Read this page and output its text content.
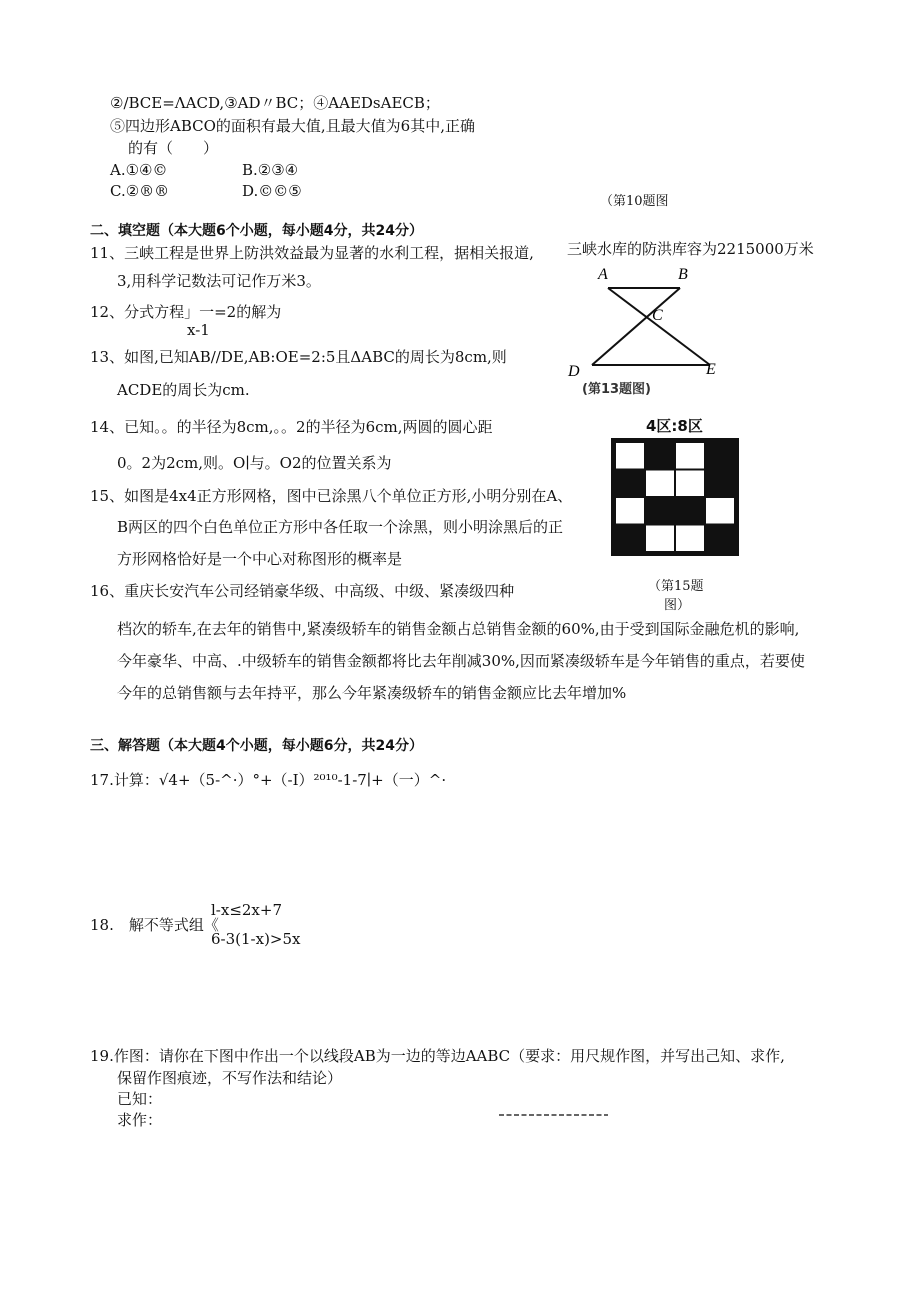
②/BCE=ΛACD,③AD〃BC；④AAEDsAECB；
⑤四边形ABCO的面积有最大值,且最大值为6其中,正确
的有（　　）
A.①④©	B.②③④
C.②®®	D.©©⑤
（第10题图
二、填空题（本大题6个小题，每小题4分，共24分）
11、三峡工程是世界上防洪效益最为显著的水利工程，据相关报道, 三峡水库的防洪库容为2215000万米
3,用科学记数法可记作万米3。
12、分式方程」一=2的解为
x-1
13、如图,已知AB//DE,AB:OE=2:5且ΔABC的周长为8cm,则
ACDE的周长为cm.
A	B
C
D	E
(第13题图)
14、已知。。的半径为8cm,。。2的半径为6cm,两圆的圆心距
0。2为2cm,则。O∣与。O2的位置关系为
4区:8区
（第15题
图）
15、如图是4x4正方形网格，图中已涂黑八个单位正方形,小明分别在A、
B两区的四个白色单位正方形中各任取一个涂黑，则小明涂黑后的正
方形网格恰好是一个中心对称图形的概率是
16、重庆长安汽车公司经销豪华级、中高级、中级、紧凑级四种
档次的轿车,在去年的销售中,紧凑级轿车的销售金额占总销售金额的60%,由于受到国际金融危机的影响,
今年豪华、中高、.中级轿车的销售金额都将比去年削减30%,因而紧凑级轿车是今年销售的重点，若要使
今年的总销售额与去年持平，那么今年紧凑级轿车的销售金额应比去年增加%
三、解答题（本大题4个小题，每小题6分，共24分）
17.计算：√4+（5-^·）°+（-I）²⁰¹⁰-1-7∣+（一）^·
18.　解不等式组《
l-x≤2x+7
6-3(1-x)>5x
19.作图：请你在下图中作出一个以线段AB为一边的等边AABC（要求：用尺规作图，并写出己知、求作,
保留作图痕迹，不写作法和结论）
已知：
求作：
